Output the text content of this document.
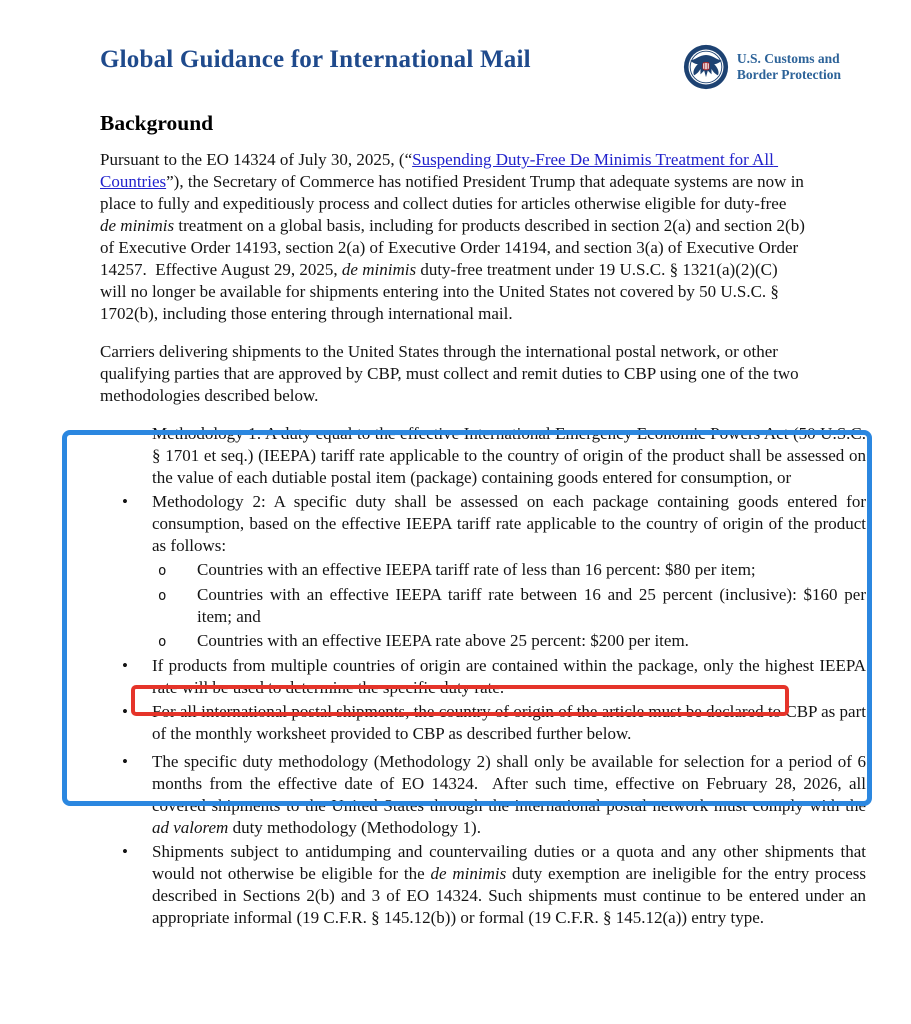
Global Guidance for International Mail	U.S. Customs and
Border Protection
Background

Pursuant to the EO 14324 of July 30, 2025, (“Suspending Duty-Free De Minimis Treatment for All Countries”), the Secretary of Commerce has notified President Trump that adequate systems are now in place to fully and expeditiously process and collect duties for articles otherwise eligible for duty-free de minimis treatment on a global basis, including for products described in section 2(a) and section 2(b) of Executive Order 14193, section 2(a) of Executive Order 14194, and section 3(a) of Executive Order 14257.  Effective August 29, 2025, de minimis duty-free treatment under 19 U.S.C. § 1321(a)(2)(C) will no longer be available for shipments entering into the United States not covered by 50 U.S.C. § 1702(b), including those entering through international mail.

Carriers delivering shipments to the United States through the international postal network, or other qualifying parties that are approved by CBP, must collect and remit duties to CBP using one of the two methodologies described below.

•	Methodology 1: A duty equal to the effective International Emergency Economic Powers Act (50 U.S.C. § 1701 et seq.) (IEEPA) tariff rate applicable to the country of origin of the product shall be assessed on the value of each dutiable postal item (package) containing goods entered for consumption, or
•	Methodology 2: A specific duty shall be assessed on each package containing goods entered for consumption, based on the effective IEEPA tariff rate applicable to the country of origin of the product as follows:
o	Countries with an effective IEEPA tariff rate of less than 16 percent: $80 per item;
o	Countries with an effective IEEPA tariff rate between 16 and 25 percent (inclusive): $160 per item; and
o	Countries with an effective IEEPA rate above 25 percent: $200 per item.
•	If products from multiple countries of origin are contained within the package, only the highest IEEPA rate will be used to determine the specific duty rate.
•	For all international postal shipments, the country of origin of the article must be declared to CBP as part of the monthly worksheet provided to CBP as described further below.
•	The specific duty methodology (Methodology 2) shall only be available for selection for a period of 6 months from the effective date of EO 14324.  After such time, effective on February 28, 2026, all covered shipments to the United States through the international postal network must comply with the ad valorem duty methodology (Methodology 1).
•	Shipments subject to antidumping and countervailing duties or a quota and any other shipments that would not otherwise be eligible for the de minimis duty exemption are ineligible for the entry process described in Sections 2(b) and 3 of EO 14324. Such shipments must continue to be entered under an appropriate informal (19 C.F.R. § 145.12(b)) or formal (19 C.F.R. § 145.12(a)) entry type.
